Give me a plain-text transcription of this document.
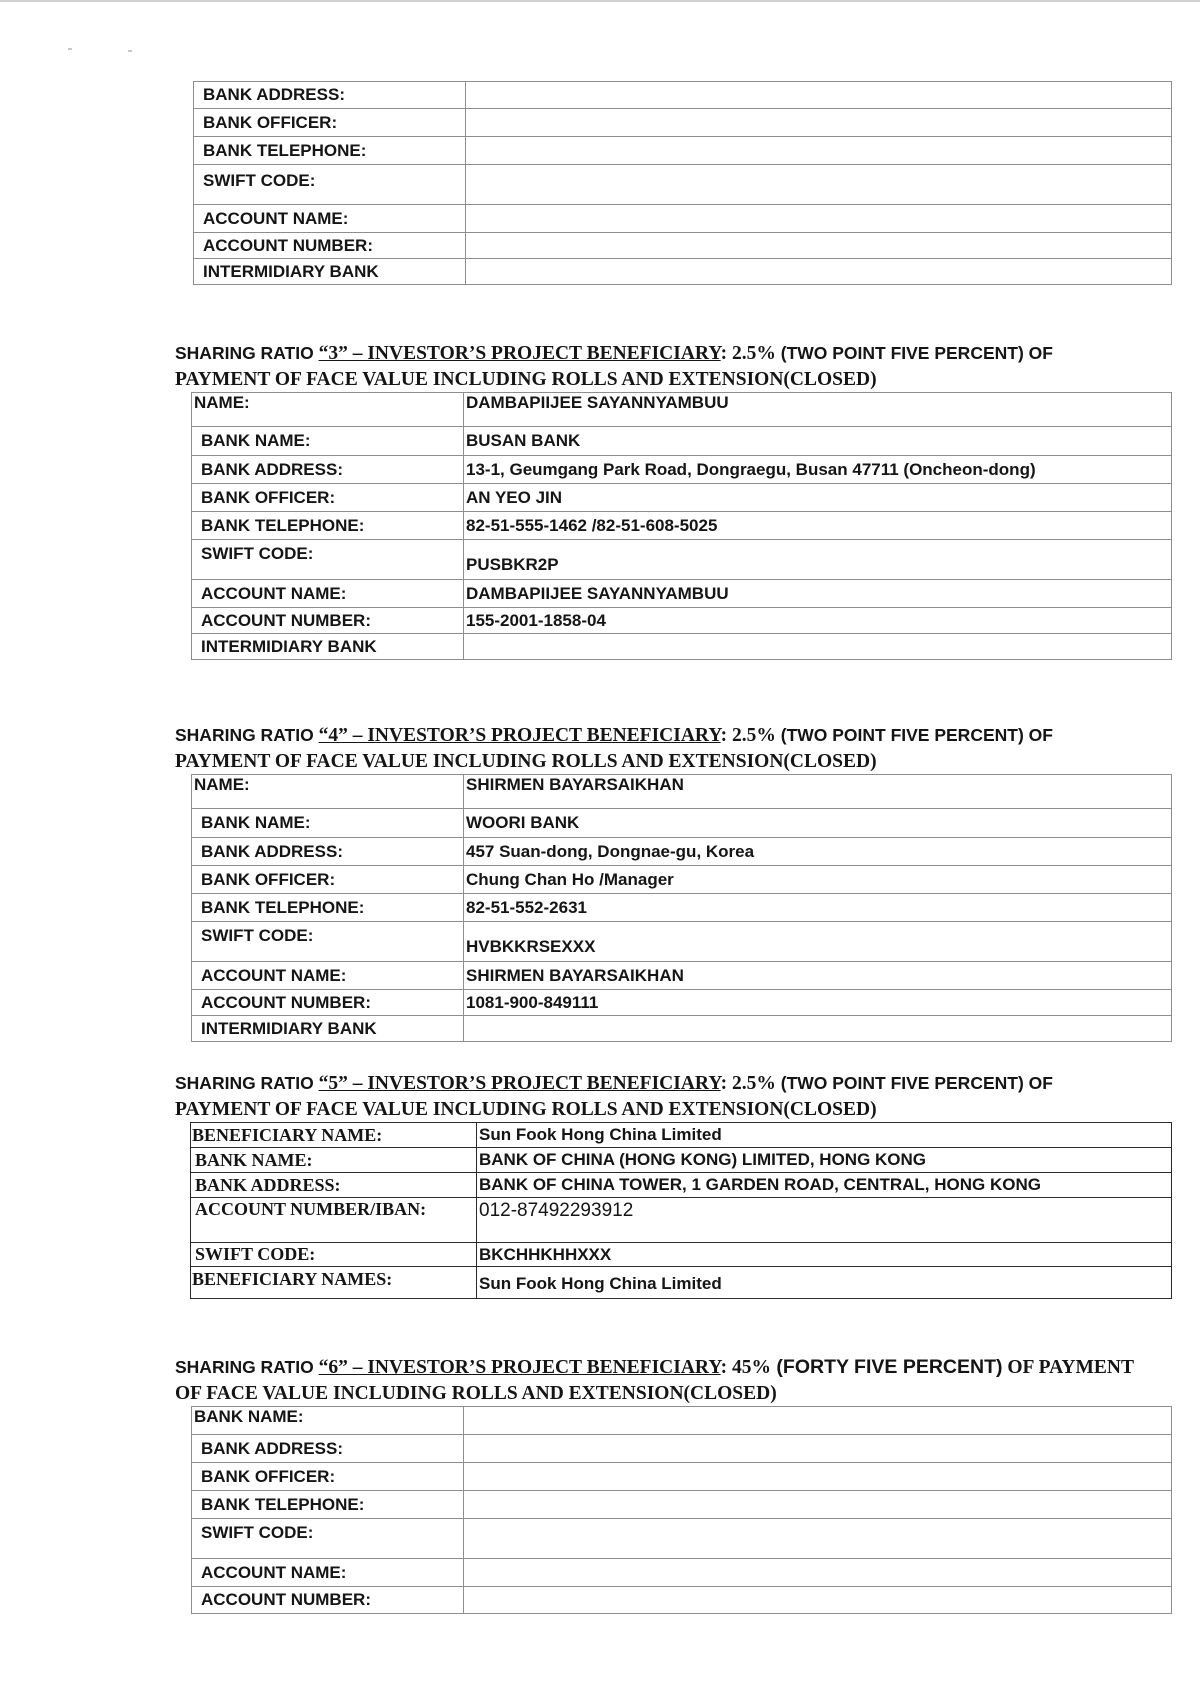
BANK ADDRESS:	
BANK OFFICER:	
BANK TELEPHONE:	
SWIFT CODE:	
ACCOUNT NAME:	
ACCOUNT NUMBER:	
INTERMIDIARY BANK	
SHARING RATIO “3” – INVESTOR’S PROJECT BENEFICIARY: 2.5% (TWO POINT FIVE PERCENT) OF
PAYMENT OF FACE VALUE INCLUDING ROLLS AND EXTENSION(CLOSED)
NAME:	DAMBAPIIJEE SAYANNYAMBUU
BANK NAME:	BUSAN BANK
BANK ADDRESS:	13-1, Geumgang Park Road, Dongraegu, Busan 47711 (Oncheon-dong)
BANK OFFICER:	AN YEO JIN
BANK TELEPHONE:	82-51-555-1462 /82-51-608-5025
SWIFT CODE:	PUSBKR2P
ACCOUNT NAME:	DAMBAPIIJEE SAYANNYAMBUU
ACCOUNT NUMBER:	155-2001-1858-04
INTERMIDIARY BANK	
SHARING RATIO “4” – INVESTOR’S PROJECT BENEFICIARY: 2.5% (TWO POINT FIVE PERCENT) OF
PAYMENT OF FACE VALUE INCLUDING ROLLS AND EXTENSION(CLOSED)
NAME:	SHIRMEN BAYARSAIKHAN
BANK NAME:	WOORI BANK
BANK ADDRESS:	457 Suan-dong, Dongnae-gu, Korea
BANK OFFICER:	Chung Chan Ho /Manager
BANK TELEPHONE:	82-51-552-2631
SWIFT CODE:	HVBKKRSEXXX
ACCOUNT NAME:	SHIRMEN BAYARSAIKHAN
ACCOUNT NUMBER:	1081-900-849111
INTERMIDIARY BANK	
SHARING RATIO “5” – INVESTOR’S PROJECT BENEFICIARY: 2.5% (TWO POINT FIVE PERCENT) OF
PAYMENT OF FACE VALUE INCLUDING ROLLS AND EXTENSION(CLOSED)
BENEFICIARY NAME:	Sun Fook Hong China Limited
BANK NAME:	BANK OF CHINA (HONG KONG) LIMITED, HONG KONG
BANK ADDRESS:	BANK OF CHINA TOWER, 1 GARDEN ROAD, CENTRAL, HONG KONG
ACCOUNT NUMBER/IBAN:	012-87492293912
SWIFT CODE:	BKCHHKHHXXX
BENEFICIARY NAMES:	Sun Fook Hong China Limited
SHARING RATIO “6” – INVESTOR’S PROJECT BENEFICIARY: 45% (FORTY FIVE PERCENT) OF PAYMENT
OF FACE VALUE INCLUDING ROLLS AND EXTENSION(CLOSED)
BANK NAME:	
BANK ADDRESS:	
BANK OFFICER:	
BANK TELEPHONE:	
SWIFT CODE:	
ACCOUNT NAME:	
ACCOUNT NUMBER:	
